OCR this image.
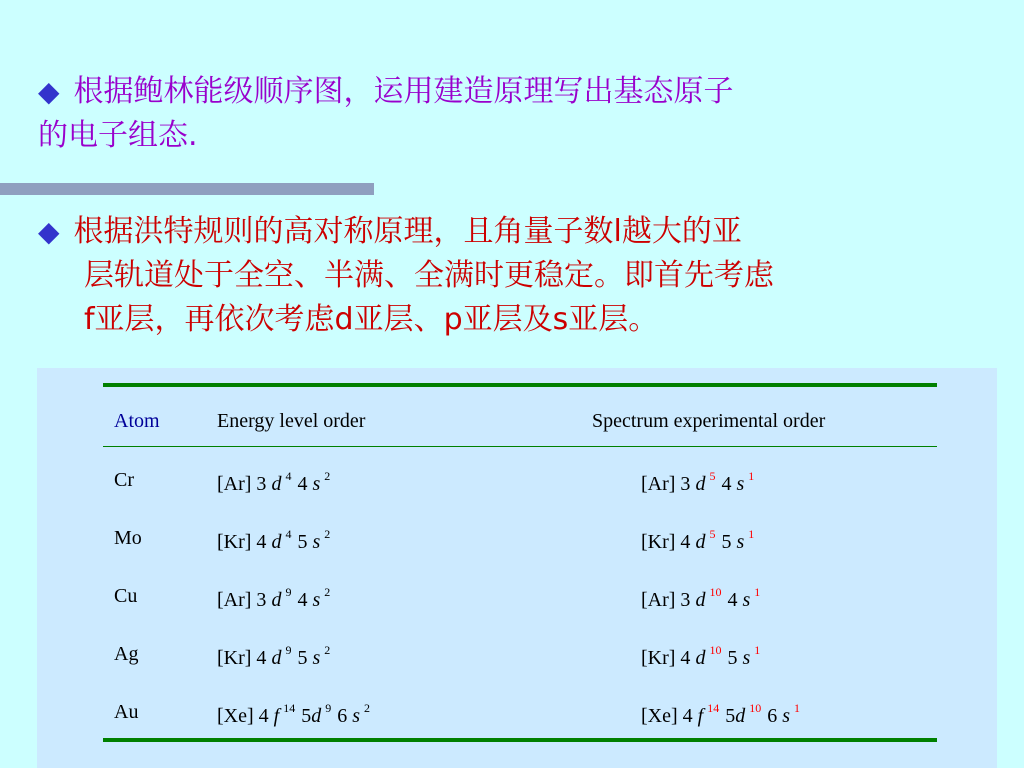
◆ 根据鲍林能级顺序图，运用建造原理写出基态原子
的电子组态.
◆ 根据洪特规则的高对称原理，且角量子数l越大的亚
层轨道处于全空、半满、全满时更稳定。即首先考虑
f亚层，再依次考虑d亚层、p亚层及s亚层。
Atom	Energy level order	Spectrum experimental order
Cr	[Ar] 3 d $^4$ 4 s $^2$	[Ar] 3 d $^5$ 4 s $^1$
Mo	[Kr] 4 d $^4$ 5 s $^2$	[Kr] 4 d $^5$ 5 s $^1$
Cu	[Ar] 3 d $^9$ 4 s $^2$	[Ar] 3 d $^{10}$ 4 s $^1$
Ag	[Kr] 4 d $^9$ 5 s $^2$	[Kr] 4 d $^{10}$ 5 s $^1$
Au	[Xe] 4 f $^{14}$ 5d $^9$ 6 s $^2$	[Xe] 4 f $^{14}$ 5d $^{10}$ 6 s $^1$
